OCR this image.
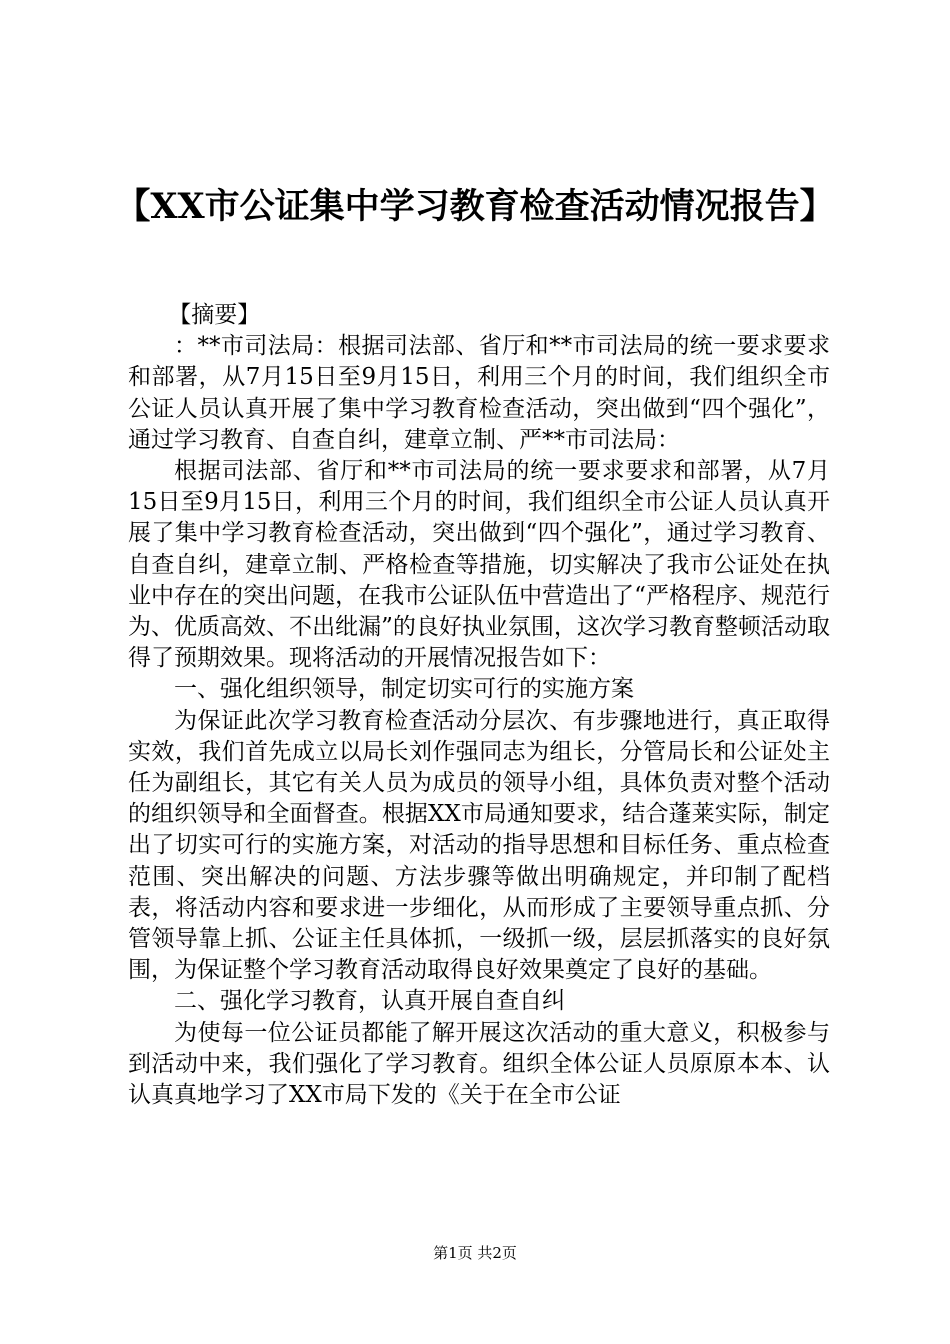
【XX市公证集中学习教育检查活动情况报告】

【摘要】

：**市司法局：根据司法部、省厅和**市司法局的统一要求要求和部署，从7月15日至9月15日，利用三个月的时间，我们组织全市公证人员认真开展了集中学习教育检查活动，突出做到“四个强化”，通过学习教育、自查自纠，建章立制、严**市司法局：

根据司法部、省厅和**市司法局的统一要求要求和部署，从7月15日至9月15日，利用三个月的时间，我们组织全市公证人员认真开展了集中学习教育检查活动，突出做到“四个强化”，通过学习教育、自查自纠，建章立制、严格检查等措施，切实解决了我市公证处在执业中存在的突出问题，在我市公证队伍中营造出了“严格程序、规范行为、优质高效、不出纰漏”的良好执业氛围，这次学习教育整顿活动取得了预期效果。现将活动的开展情况报告如下：

一、强化组织领导，制定切实可行的实施方案

为保证此次学习教育检查活动分层次、有步骤地进行，真正取得实效，我们首先成立以局长刘作强同志为组长，分管局长和公证处主任为副组长，其它有关人员为成员的领导小组，具体负责对整个活动的组织领导和全面督查。根据XX市局通知要求，结合蓬莱实际，制定出了切实可行的实施方案，对活动的指导思想和目标任务、重点检查范围、突出解决的问题、方法步骤等做出明确规定，并印制了配档表，将活动内容和要求进一步细化，从而形成了主要领导重点抓、分管领导靠上抓、公证主任具体抓，一级抓一级，层层抓落实的良好氛围，为保证整个学习教育活动取得良好效果奠定了良好的基础。

二、强化学习教育，认真开展自查自纠

为使每一位公证员都能了解开展这次活动的重大意义，积极参与到活动中来，我们强化了学习教育。组织全体公证人员原原本本、认认真真地学习了XX市局下发的《关于在全市公证

第1页 共2页
